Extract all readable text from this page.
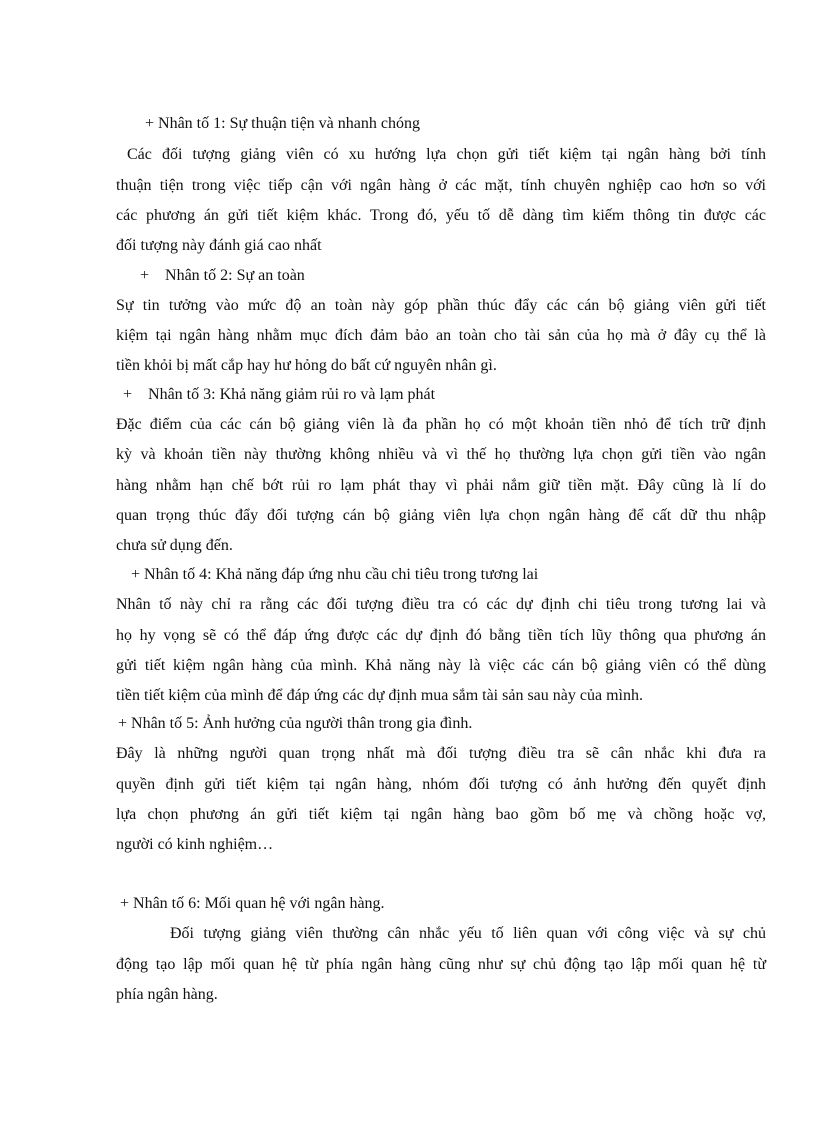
+ Nhân tố 1: Sự thuận tiện và nhanh chóng
Các đối tượng giảng viên có xu hướng lựa chọn gửi tiết kiệm tại ngân hàng bởi tính
thuận tiện trong việc tiếp cận với ngân hàng ở các mặt, tính chuyên nghiệp cao hơn so với
các phương án gửi tiết kiệm khác. Trong đó, yếu tố dễ dàng tìm kiếm thông tin được các
đối tượng này đánh giá cao nhất
+    Nhân tố 2: Sự an toàn
Sự tin tưởng vào mức độ an toàn này góp phần thúc đẩy các cán bộ giảng viên gửi tiết
kiệm tại ngân hàng nhằm mục đích đảm bảo an toàn cho tài sản của họ mà ở đây cụ thể là
tiền khỏi bị mất cắp hay hư hỏng do bất cứ nguyên nhân gì.
+    Nhân tố 3: Khả năng giảm rủi ro và lạm phát
Đặc điểm của các cán bộ giảng viên là đa phần họ có một khoản tiền nhỏ để tích trữ định
kỳ và khoản tiền này thường không nhiều và vì thế họ thường lựa chọn gửi tiền vào ngân
hàng nhằm hạn chế bớt rủi ro lạm phát thay vì phải nắm giữ tiền mặt. Đây cũng là lí do
quan trọng thúc đẩy đối tượng cán bộ giảng viên lựa chọn ngân hàng để cất dữ thu nhập
chưa sử dụng đến.
+ Nhân tố 4: Khả năng đáp ứng nhu cầu chi tiêu trong tương lai
Nhân tố này chỉ ra rằng các đối tượng điều tra có các dự định chi tiêu trong tương lai và
họ hy vọng sẽ có thể đáp ứng được các dự định đó bằng tiền tích lũy thông qua phương án
gửi tiết kiệm ngân hàng của mình. Khả năng này là việc các cán bộ giảng viên có thể dùng
tiền tiết kiệm của mình để đáp ứng các dự định mua sắm tài sản sau này của mình.
+ Nhân tố 5: Ảnh hưởng của người thân trong gia đình.
Đây là những người quan trọng nhất mà đối tượng điều tra sẽ cân nhắc khi đưa ra
quyền định gửi tiết kiệm tại ngân hàng, nhóm đối tượng có ảnh hưởng đến quyết định
lựa chọn phương án gửi tiết kiệm tại ngân hàng bao gồm bố mẹ và chồng hoặc vợ,
người có kinh nghiệm…
+ Nhân tố 6: Mối quan hệ với ngân hàng.
Đối tượng giảng viên thường cân nhắc yếu tố liên quan với công việc và sự chủ
động tạo lập mối quan hệ từ phía ngân hàng cũng như sự chủ động tạo lập mối quan hệ từ
phía ngân hàng.
